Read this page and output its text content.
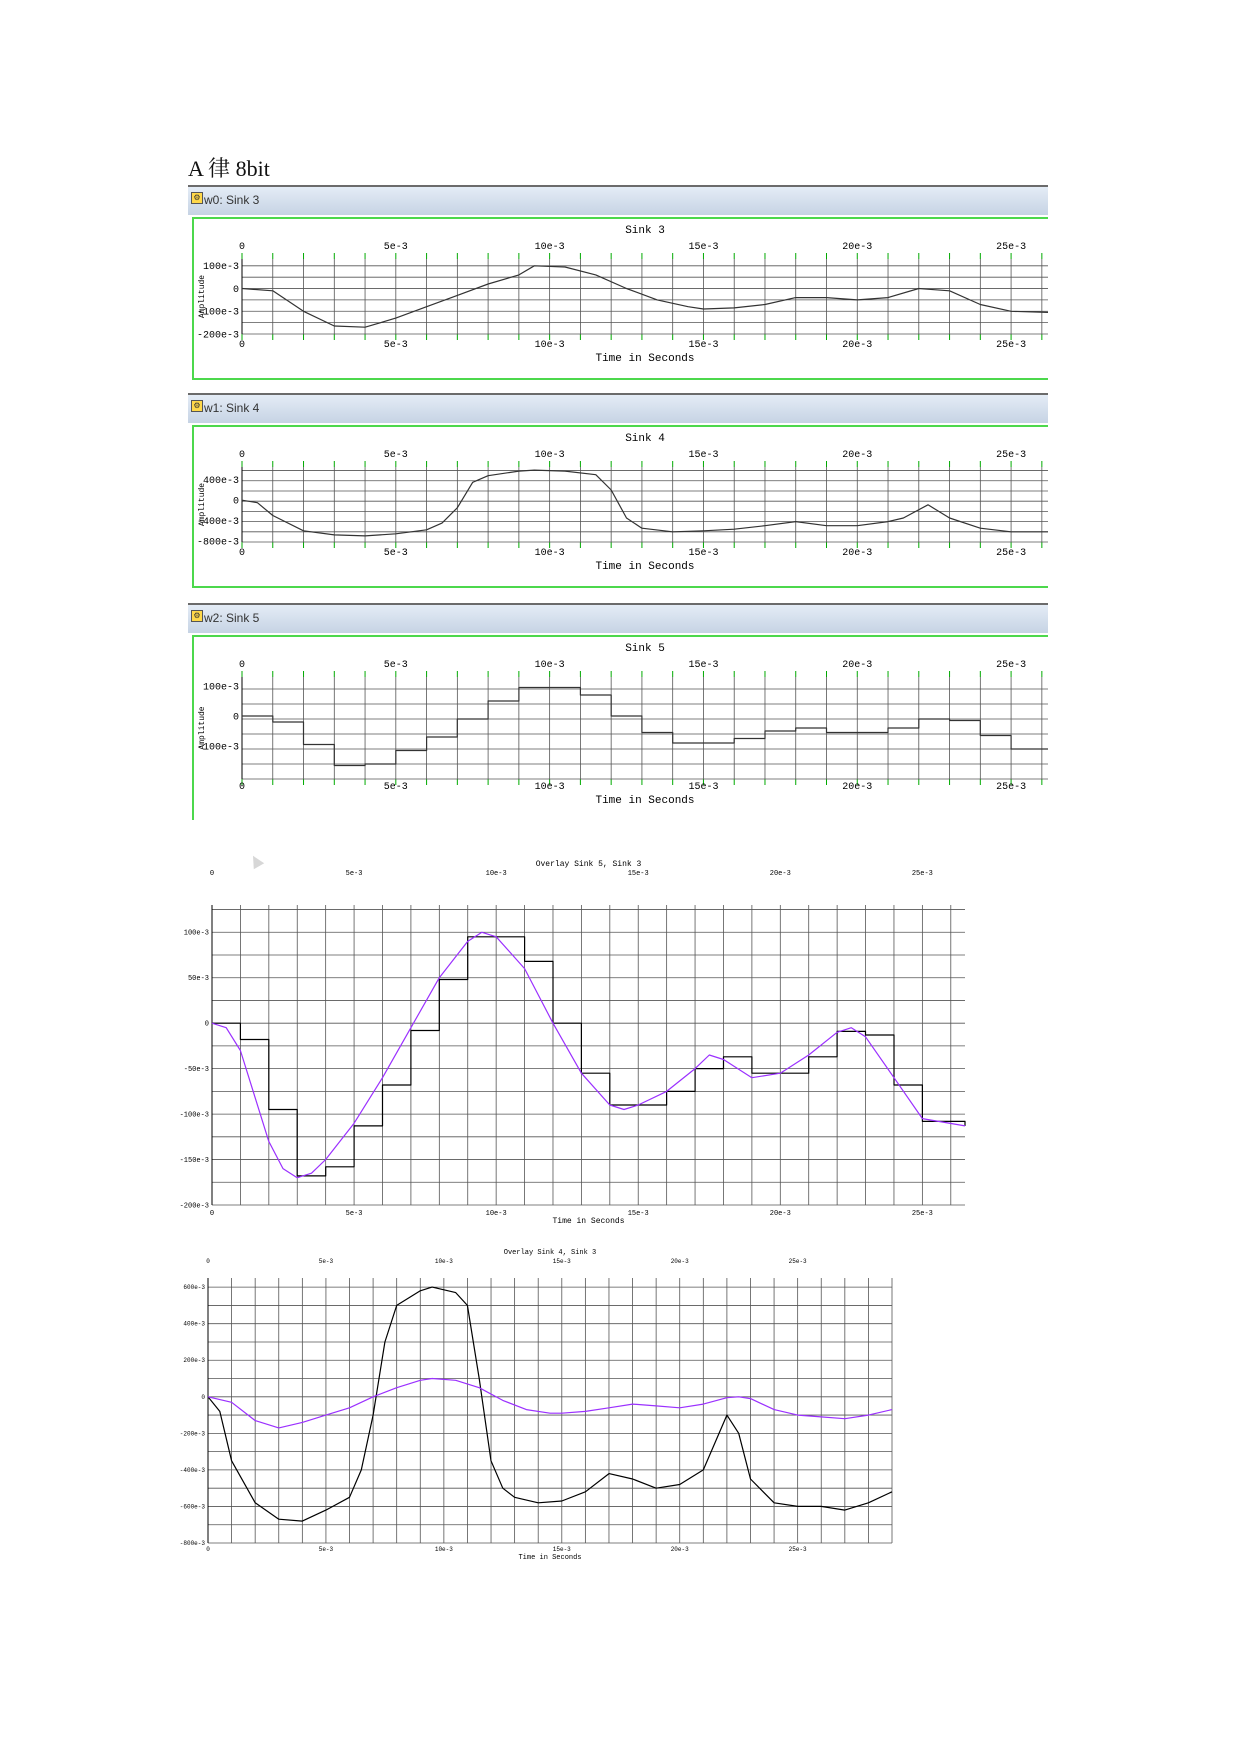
A 律 8bit
⚙ w0: Sink 3
Sink 3
0
0
5e-3
5e-3
10e-3
10e-3
15e-3
15e-3
20e-3
20e-3
25e-3
25e-3
100e-3
0
-100e-3
-200e-3
Time in Seconds
Amplitude
⚙ w1: Sink 4
Sink 4
0
0
5e-3
5e-3
10e-3
10e-3
15e-3
15e-3
20e-3
20e-3
25e-3
25e-3
400e-3
0
-400e-3
-800e-3
Time in Seconds
Amplitude
⚙ w2: Sink 5
Sink 5
0
0
5e-3
5e-3
10e-3
10e-3
15e-3
15e-3
20e-3
20e-3
25e-3
25e-3
100e-3
0
-100e-3
Time in Seconds
Amplitude
Overlay Sink 5, Sink 3
0
0
5e-3
5e-3
10e-3
10e-3
15e-3
15e-3
20e-3
20e-3
25e-3
25e-3
100e-3
50e-3
0
-50e-3
-100e-3
-150e-3
-200e-3
Time in Seconds
Overlay Sink 4, Sink 3
0
0
5e-3
5e-3
10e-3
10e-3
15e-3
15e-3
20e-3
20e-3
25e-3
25e-3
600e-3
400e-3
200e-3
0
-200e-3
-400e-3
-600e-3
-800e-3
Time in Seconds
